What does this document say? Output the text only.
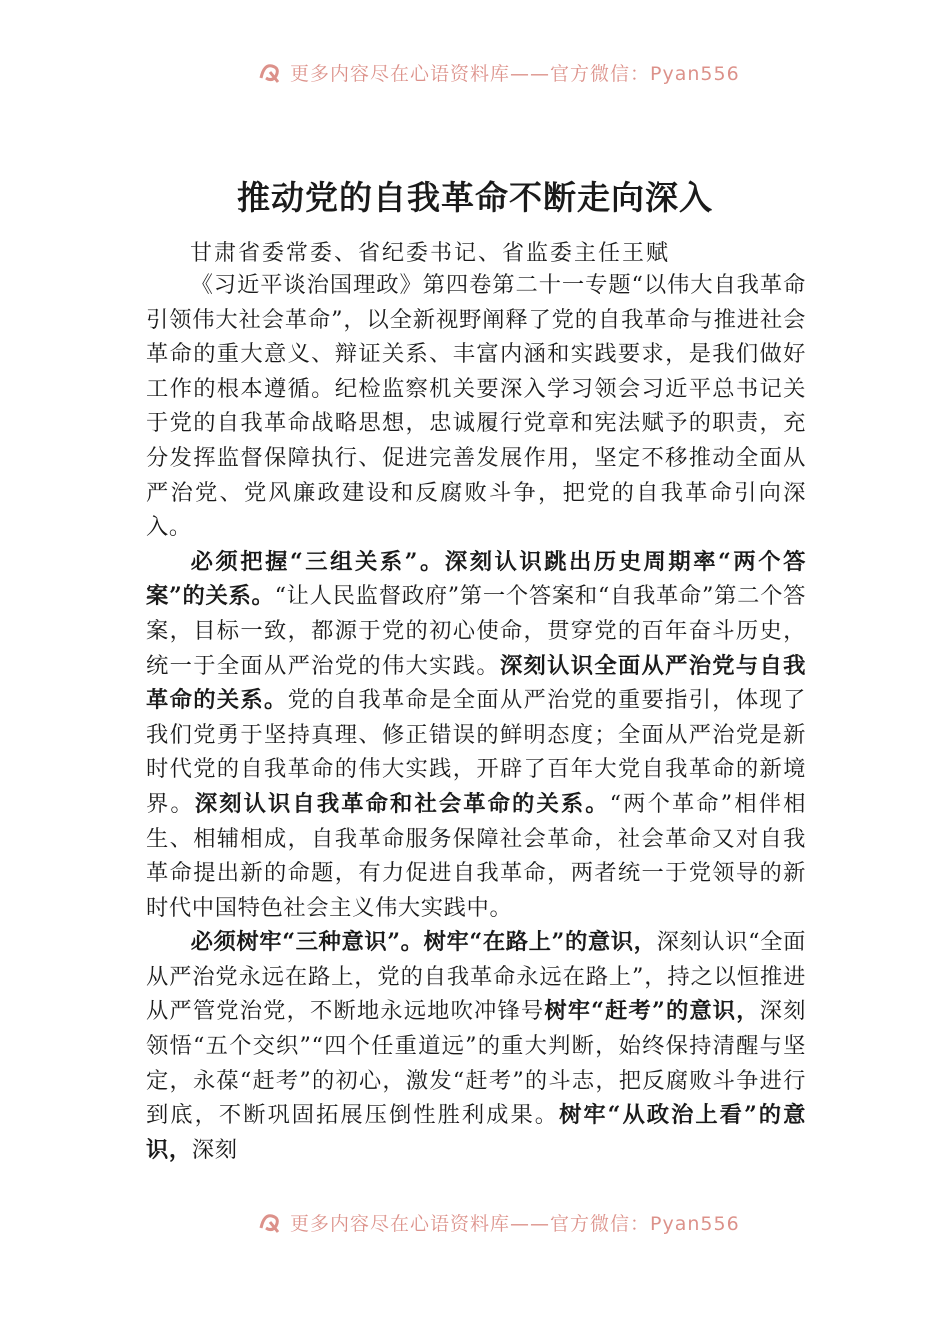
更多内容尽在心语资料库——官方微信：Pyan556
推动党的自我革命不断走向深入
甘肃省委常委、省纪委书记、省监委主任王赋

《习近平谈治国理政》第四卷第二十一专题“以伟大自我革命引领伟大社会革命”，以全新视野阐释了党的自我革命与推进社会革命的重大意义、辩证关系、丰富内涵和实践要求，是我们做好工作的根本遵循。纪检监察机关要深入学习领会习近平总书记关于党的自我革命战略思想，忠诚履行党章和宪法赋予的职责，充分发挥监督保障执行、促进完善发展作用，坚定不移推动全面从严治党、党风廉政建设和反腐败斗争，把党的自我革命引向深入。

必须把握“三组关系”。深刻认识跳出历史周期率“两个答案”的关系。“让人民监督政府”第一个答案和“自我革命”第二个答案，目标一致，都源于党的初心使命，贯穿党的百年奋斗历史，统一于全面从严治党的伟大实践。深刻认识全面从严治党与自我革命的关系。党的自我革命是全面从严治党的重要指引，体现了我们党勇于坚持真理、修正错误的鲜明态度；全面从严治党是新时代党的自我革命的伟大实践，开辟了百年大党自我革命的新境界。深刻认识自我革命和社会革命的关系。“两个革命”相伴相生、相辅相成，自我革命服务保障社会革命，社会革命又对自我革命提出新的命题，有力促进自我革命，两者统一于党领导的新时代中国特色社会主义伟大实践中。

必须树牢“三种意识”。树牢“在路上”的意识，深刻认识“全面从严治党永远在路上，党的自我革命永远在路上”，持之以恒推进从严管党治党，不断地永远地吹冲锋号树牢“赶考”的意识，深刻领悟“五个交织”“四个任重道远”的重大判断，始终保持清醒与坚定，永葆“赶考”的初心，激发“赶考”的斗志，把反腐败斗争进行到底，不断巩固拓展压倒性胜利成果。树牢“从政治上看”的意识，深刻

更多内容尽在心语资料库——官方微信：Pyan556
